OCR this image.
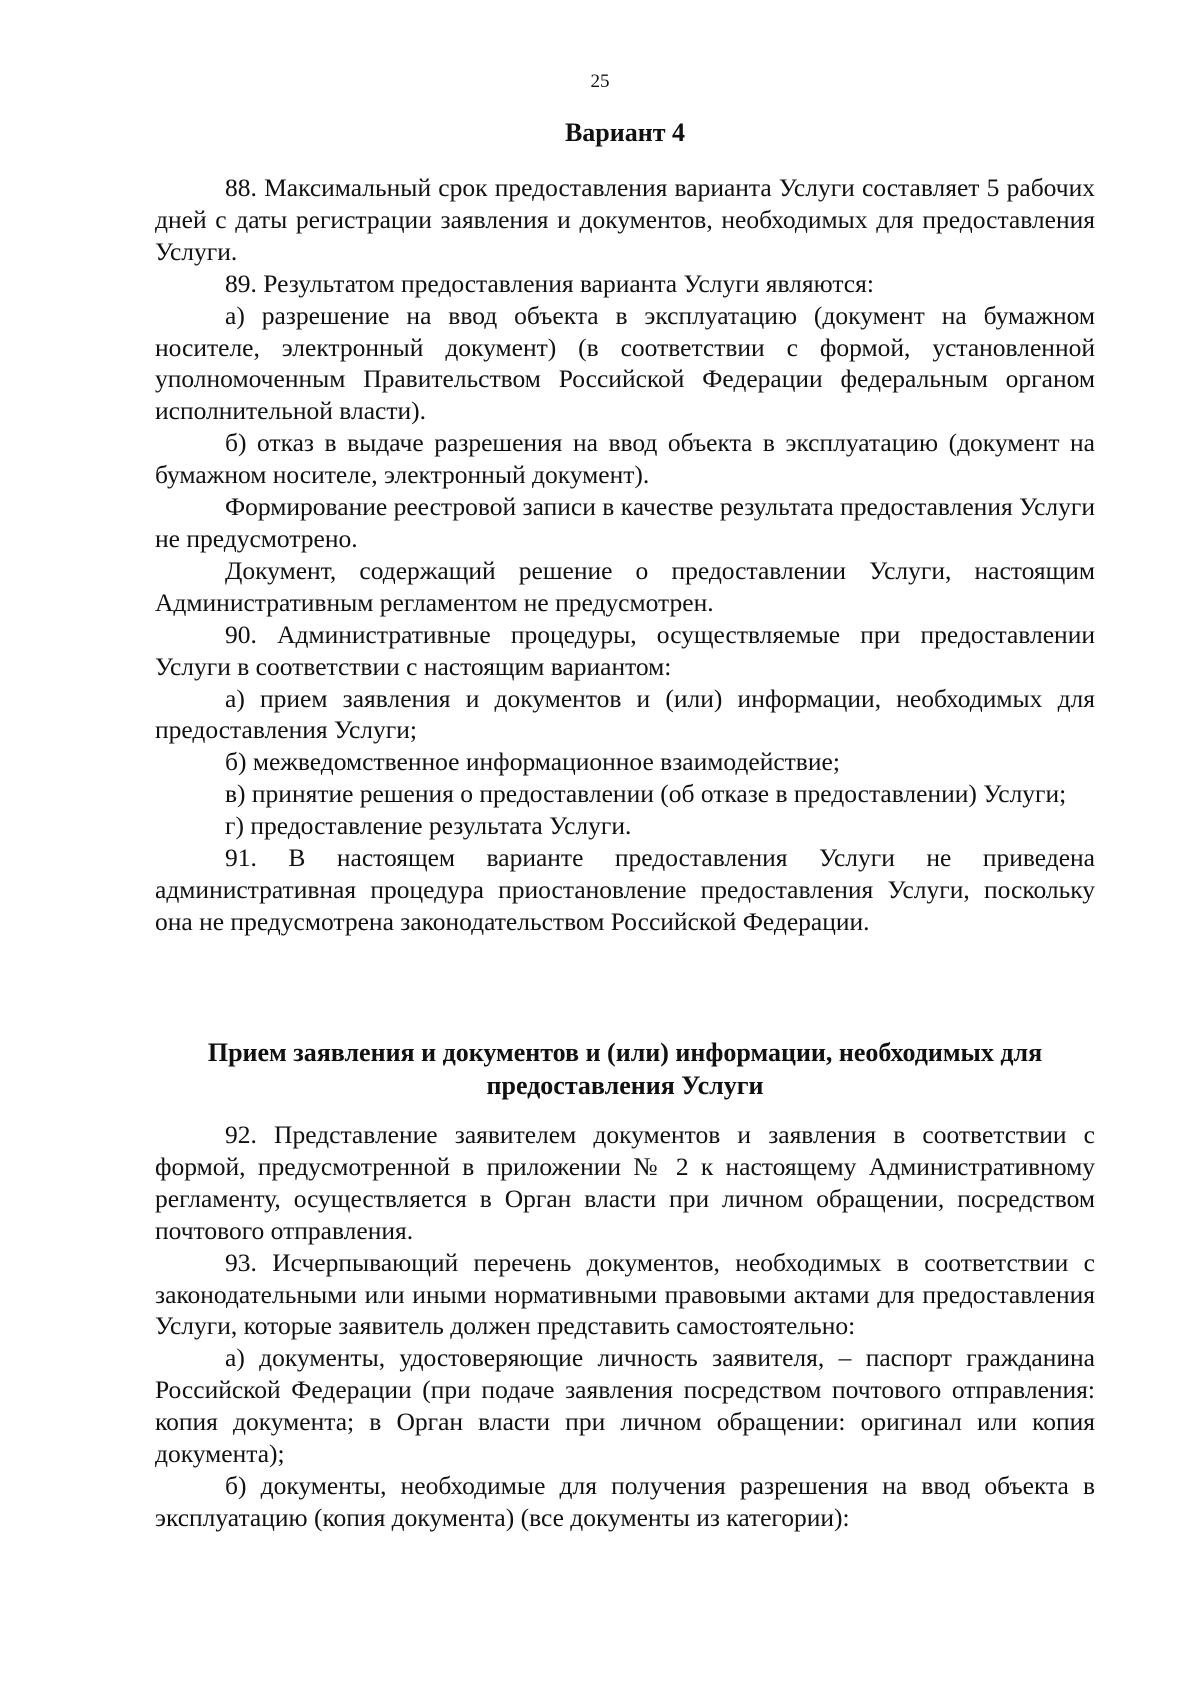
25
Вариант 4

88. Максимальный срок предоставления варианта Услуги составляет 5 рабочих дней с даты регистрации заявления и документов, необходимых для предоставления Услуги.

89. Результатом предоставления варианта Услуги являются:

а) разрешение на ввод объекта в эксплуатацию (документ на бумажном носителе, электронный документ) (в соответствии с формой, установленной уполномоченным Правительством Российской Федерации федеральным органом исполнительной власти).

б) отказ в выдаче разрешения на ввод объекта в эксплуатацию (документ на бумажном носителе, электронный документ).

Формирование реестровой записи в качестве результата предоставления Услуги не предусмотрено.

Документ, содержащий решение о предоставлении Услуги, настоящим Административным регламентом не предусмотрен.

90. Административные процедуры, осуществляемые при предоставлении Услуги в соответствии с настоящим вариантом:

а) прием заявления и документов и (или) информации, необходимых для предоставления Услуги;

б) межведомственное информационное взаимодействие;

в) принятие решения о предоставлении (об отказе в предоставлении) Услуги;

г) предоставление результата Услуги.

91. В настоящем варианте предоставления Услуги не приведена административная процедура приостановление предоставления Услуги, поскольку она не предусмотрена законодательством Российской Федерации.

Прием заявления и документов и (или) информации, необходимых для
предоставления Услуги

92. Представление заявителем документов и заявления в соответствии с формой, предусмотренной в приложении № 2 к настоящему Административному регламенту, осуществляется в Орган власти при личном обращении, посредством почтового отправления.

93. Исчерпывающий перечень документов, необходимых в соответствии с законодательными или иными нормативными правовыми актами для предоставления Услуги, которые заявитель должен представить самостоятельно:

а) документы, удостоверяющие личность заявителя, – паспорт гражданина Российской Федерации (при подаче заявления посредством почтового отправления: копия документа; в Орган власти при личном обращении: оригинал или копия документа);

б) документы, необходимые для получения разрешения на ввод объекта в эксплуатацию (копия документа) (все документы из категории):
